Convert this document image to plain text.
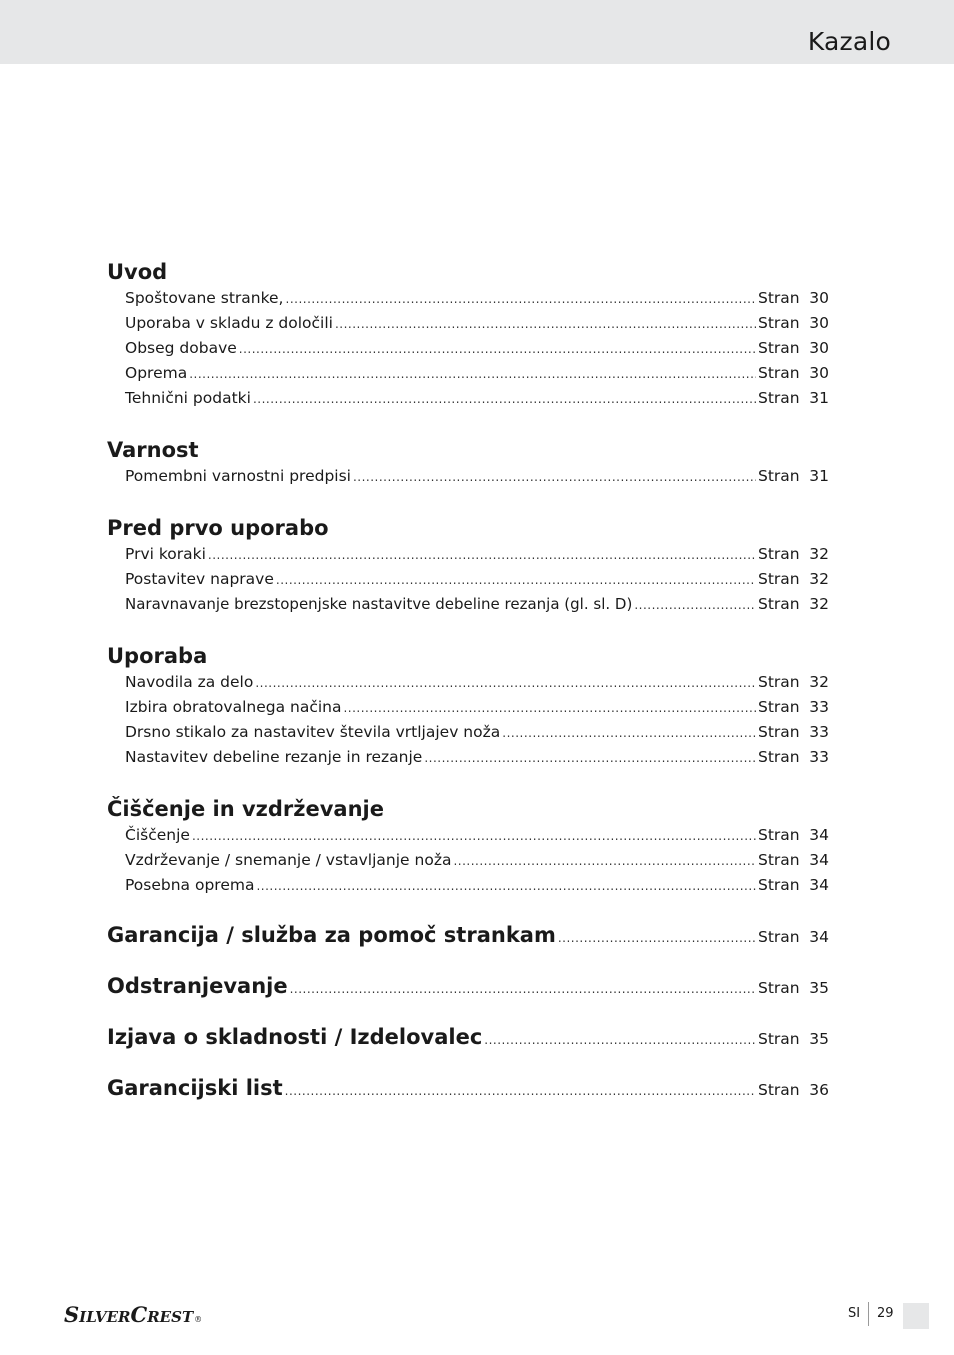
Kazalo
Uvod
Spoštovane stranke, .....	Stran 30
Uporaba v skladu z določili .....	Stran 30
Obseg dobave .....	Stran 30
Oprema .....	Stran 30
Tehnični podatki .....	Stran 31
Varnost
Pomembni varnostni predpisi .....	Stran 31
Pred prvo uporabo
Prvi koraki .....	Stran 32
Postavitev naprave .....	Stran 32
Naravnavanje brezstopenjske nastavitve debeline rezanja (gl. sl. D) .....	Stran 32
Uporaba
Navodila za delo .....	Stran 32
Izbira obratovalnega načina .....	Stran 33
Drsno stikalo za nastavitev števila vrtljajev noža .....	Stran 33
Nastavitev debeline rezanje in rezanje .....	Stran 33
Čiščenje in vzdrževanje
Čiščenje .....	Stran 34
Vzdrževanje / snemanje / vstavljanje noža .....	Stran 34
Posebna oprema .....	Stran 34
Garancija / služba za pomoč strankam .....	Stran 34
Odstranjevanje .....	Stran 35
Izjava o skladnosti / Izdelovalec .....	Stran 35
Garancijski list .....	Stran 36
S ILVER C REST ®	SI 29
